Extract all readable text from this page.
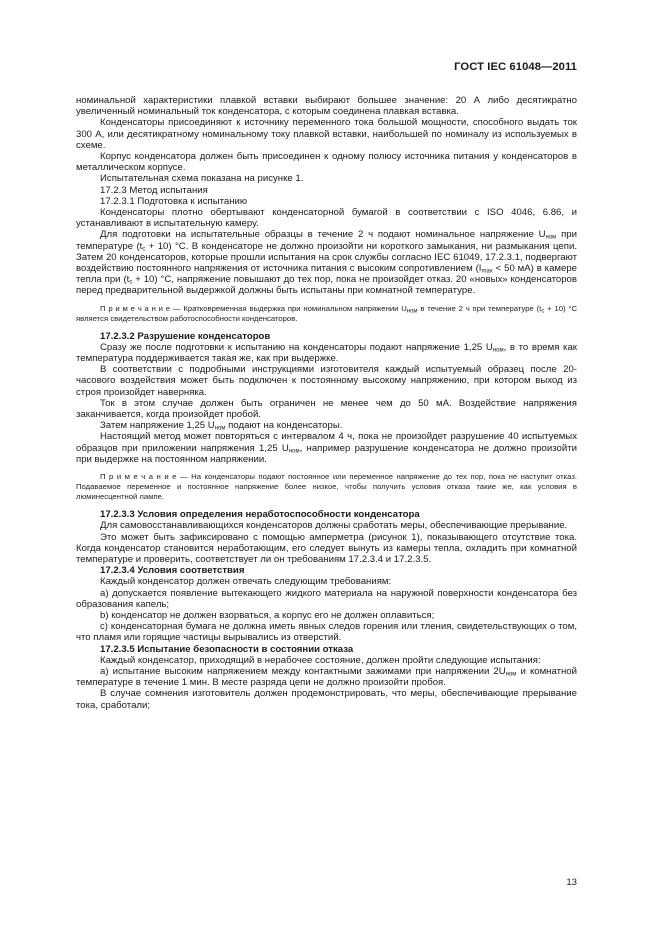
ГОСТ IEC 61048—2011

номинальной характеристики плавкой вставки выбирают большее значение: 20 А либо десятикратно увеличенный номинальный ток конденсатора, с которым соединена плавкая вставка.

Конденсаторы присоединяют к источнику переменного тока большой мощности, способного выдать ток 300 А, или десятикратному номинальному току плавкой вставки, наибольшей по номиналу из используемых в схеме.

Корпус конденсатора должен быть присоединен к одному полюсу источника питания у конденсаторов в металлическом корпусе.

Испытательная схема показана на рисунке 1.

17.2.3 Метод испытания

17.2.3.1 Подготовка к испытанию

Конденсаторы плотно обертывают конденсаторной бумагой в соответствии с ISO 4046, 6.86, и устанавливают в испытательную камеру.

Для подготовки на испытательные образцы в течение 2 ч подают номинальное напряжение $U_{ном}$ при температуре $(t_c + 10)$ °С. В конденсаторе не должно произойти ни короткого замыкания, ни размыкания цепи. Затем 20 конденсаторов, которые прошли испытания на срок службы согласно IEC 61049, 17.2.3.1, подвергают воздействию постоянного напряжения от источника питания с высоким сопротивлением ($I_{max} < 50$ мА) в камере тепла при $(t_c + 10)$ °С, напряжение повышают до тех пор, пока не произойдет отказ. 20 «новых» конденсаторов перед предварительной выдержкой должны быть испытаны при комнатной температуре.

П р и м е ч а н и е — Кратковременная выдержка при номинальном напряжении $U_{ном}$ в течение 2 ч при температуре $(t_c + 10)$ °С является свидетельством работоспособности конденсаторов.

17.2.3.2 Разрушение конденсаторов

Сразу же после подготовки к испытанию на конденсаторы подают напряжение 1,25 $U_{ном}$, в то время как температура поддерживается такая же, как при выдержке.

В соответствии с подробными инструкциями изготовителя каждый испытуемый образец после 20-часового воздействия может быть подключен к постоянному высокому напряжению, при котором выход из строя произойдет наверняка.

Ток в этом случае должен быть ограничен не менее чем до 50 мА. Воздействие напряжения заканчивается, когда произойдет пробой.

Затем напряжение 1,25 $U_{ном}$ подают на конденсаторы.

Настоящий метод может повторяться с интервалом 4 ч, пока не произойдет разрушение 40 испытуемых образцов при приложении напряжения 1,25 $U_{ном}$, например разрушение конденсатора не должно произойти при выдержке на постоянном напряжении.

П р и м е ч а н и е — На конденсаторы подают постоянное или переменное напряжение до тех пор, пока не наступит отказ. Подаваемое переменное и постоянное напряжение более низкое, чтобы получить условия отказа такие же, как условия в люминесцентной лампе.

17.2.3.3 Условия определения неработоспособности конденсатора

Для самовосстанавливающихся конденсаторов должны сработать меры, обеспечивающие прерывание.

Это может быть зафиксировано с помощью амперметра (рисунок 1), показывающего отсутствие тока. Когда конденсатор становится неработающим, его следует вынуть из камеры тепла, охладить при комнатной температуре и проверить, соответствует ли он требованиям 17.2.3.4 и 17.2.3.5.

17.2.3.4 Условия соответствия

Каждый конденсатор должен отвечать следующим требованиям:

а) допускается появление вытекающего жидкого материала на наружной поверхности конденсатора без образования капель;

b) конденсатор не должен взорваться, а корпус его не должен оплавиться;

с) конденсаторная бумага не должна иметь явных следов горения или тления, свидетельствующих о том, что пламя или горящие частицы вырывались из отверстий.

17.2.3.5 Испытание безопасности в состоянии отказа

Каждый конденсатор, приходящий в нерабочее состояние, должен пройти следующие испытания:

а) испытание высоким напряжением между контактными зажимами при напряжении $2U_{ном}$ и комнатной температуре в течение 1 мин. В месте разряда цепи не должно произойти пробоя.

В случае сомнения изготовитель должен продемонстрировать, что меры, обеспечивающие прерывание тока, сработали;

13
